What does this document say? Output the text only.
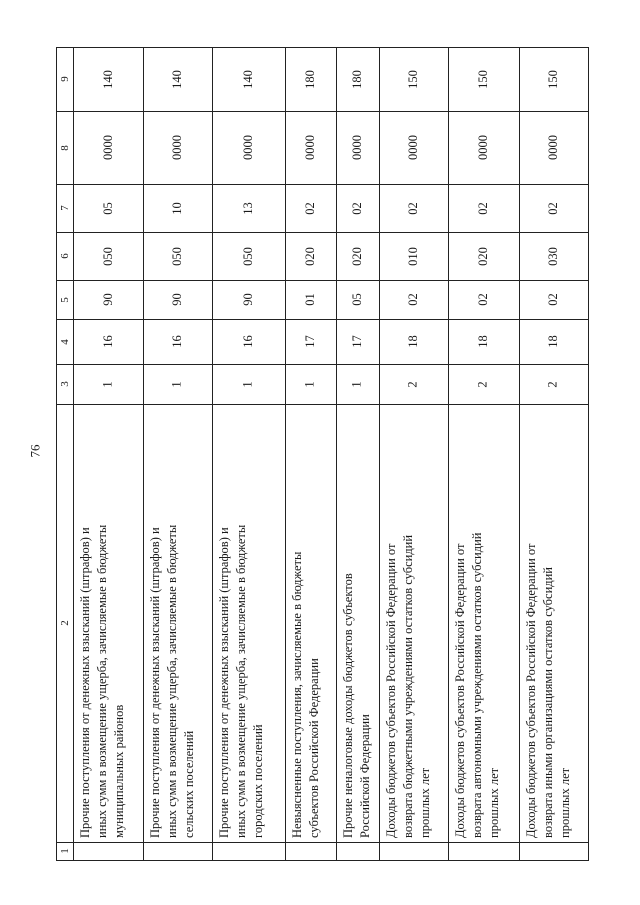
76
1
2
3
4
5
6
7
8
9
Прочие поступления от денежных взысканий (штрафов) и
иных сумм в возмещение ущерба, зачисляемые в бюджеты
муниципальных районов
1
16
90
050
05
0000
140
Прочие поступления от денежных взысканий (штрафов) и
иных сумм в возмещение ущерба, зачисляемые в бюджеты
сельских поселений
1
16
90
050
10
0000
140
Прочие поступления от денежных взысканий (штрафов) и
иных сумм в возмещение ущерба, зачисляемые в бюджеты
городских поселений
1
16
90
050
13
0000
140
Невыясненные поступления, зачисляемые в бюджеты
субъектов Российской Федерации
1
17
01
020
02
0000
180
Прочие неналоговые доходы бюджетов субъектов
Российской Федерации
1
17
05
020
02
0000
180
Доходы бюджетов субъектов Российской Федерации от
возврата бюджетными учреждениями остатков субсидий
прошлых лет
2
18
02
010
02
0000
150
Доходы бюджетов субъектов Российской Федерации от
возврата автономными учреждениями остатков субсидий
прошлых лет
2
18
02
020
02
0000
150
Доходы бюджетов субъектов Российской Федерации от
возврата иными организациями остатков субсидий
прошлых лет
2
18
02
030
02
0000
150
